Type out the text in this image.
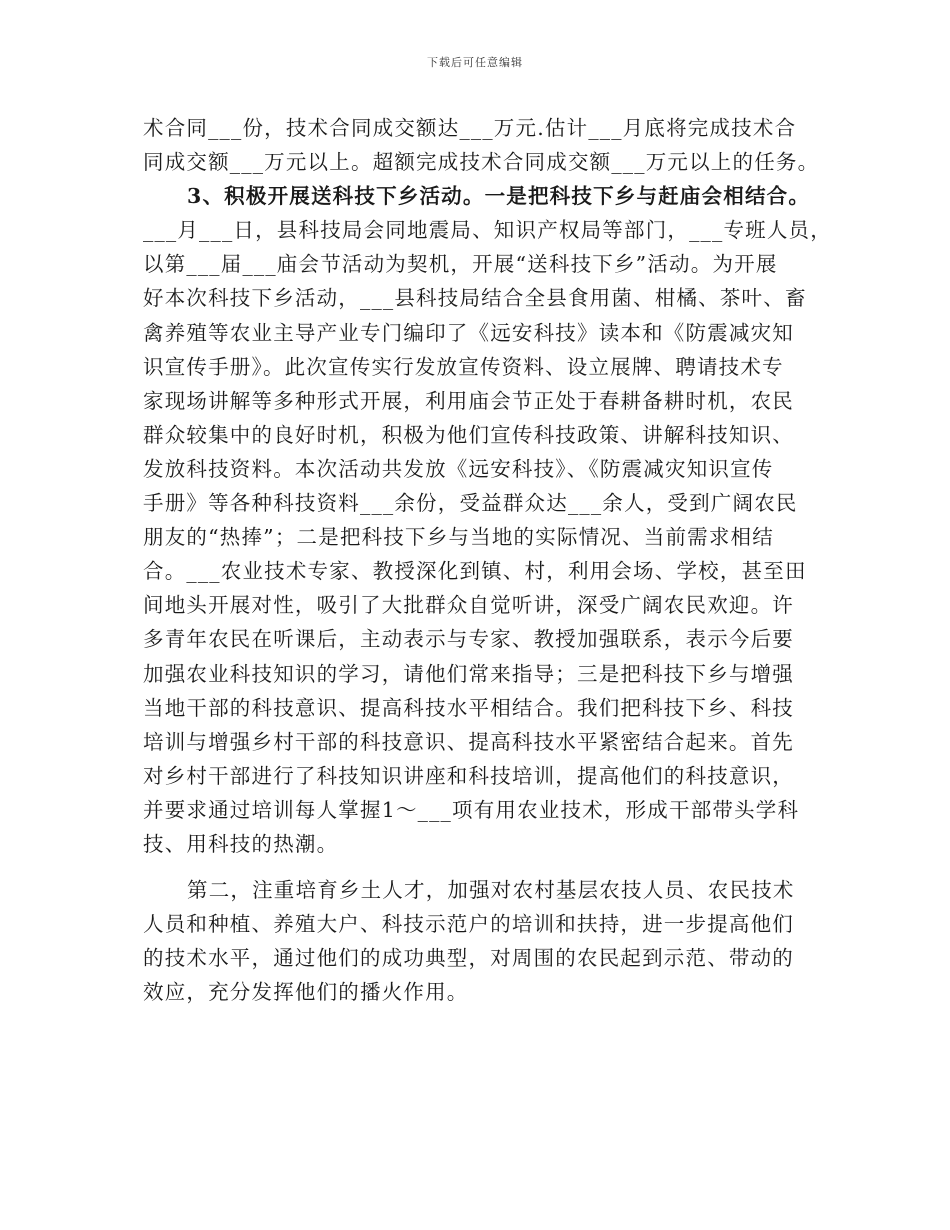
下载后可任意编辑
术合同___份，技术合同成交额达___万元.估计___月底将完成技术合
同成交额___万元以上。超额完成技术合同成交额___万元以上的任务。
3、积极开展送科技下乡活动。一是把科技下乡与赶庙会相结合。
___月___日，县科技局会同地震局、知识产权局等部门，___专班人员，
以第___届___庙会节活动为契机，开展“送科技下乡”活动。为开展
好本次科技下乡活动，___县科技局结合全县食用菌、柑橘、茶叶、畜
禽养殖等农业主导产业专门编印了《远安科技》读本和《防震减灾知
识宣传手册》。此次宣传实行发放宣传资料、设立展牌、聘请技术专
家现场讲解等多种形式开展，利用庙会节正处于春耕备耕时机，农民
群众较集中的良好时机，积极为他们宣传科技政策、讲解科技知识、
发放科技资料。本次活动共发放《远安科技》、《防震减灾知识宣传
手册》等各种科技资料___余份，受益群众达___余人，受到广阔农民
朋友的“热捧”；二是把科技下乡与当地的实际情况、当前需求相结
合。___农业技术专家、教授深化到镇、村，利用会场、学校，甚至田
间地头开展对性，吸引了大批群众自觉听讲，深受广阔农民欢迎。许
多青年农民在听课后，主动表示与专家、教授加强联系，表示今后要
加强农业科技知识的学习，请他们常来指导；三是把科技下乡与增强
当地干部的科技意识、提高科技水平相结合。我们把科技下乡、科技
培训与增强乡村干部的科技意识、提高科技水平紧密结合起来。首先
对乡村干部进行了科技知识讲座和科技培训，提高他们的科技意识，
并要求通过培训每人掌握1～___项有用农业技术，形成干部带头学科
技、用科技的热潮。
第二，注重培育乡土人才，加强对农村基层农技人员、农民技术
人员和种植、养殖大户、科技示范户的培训和扶持，进一步提高他们
的技术水平，通过他们的成功典型，对周围的农民起到示范、带动的
效应，充分发挥他们的播火作用。
